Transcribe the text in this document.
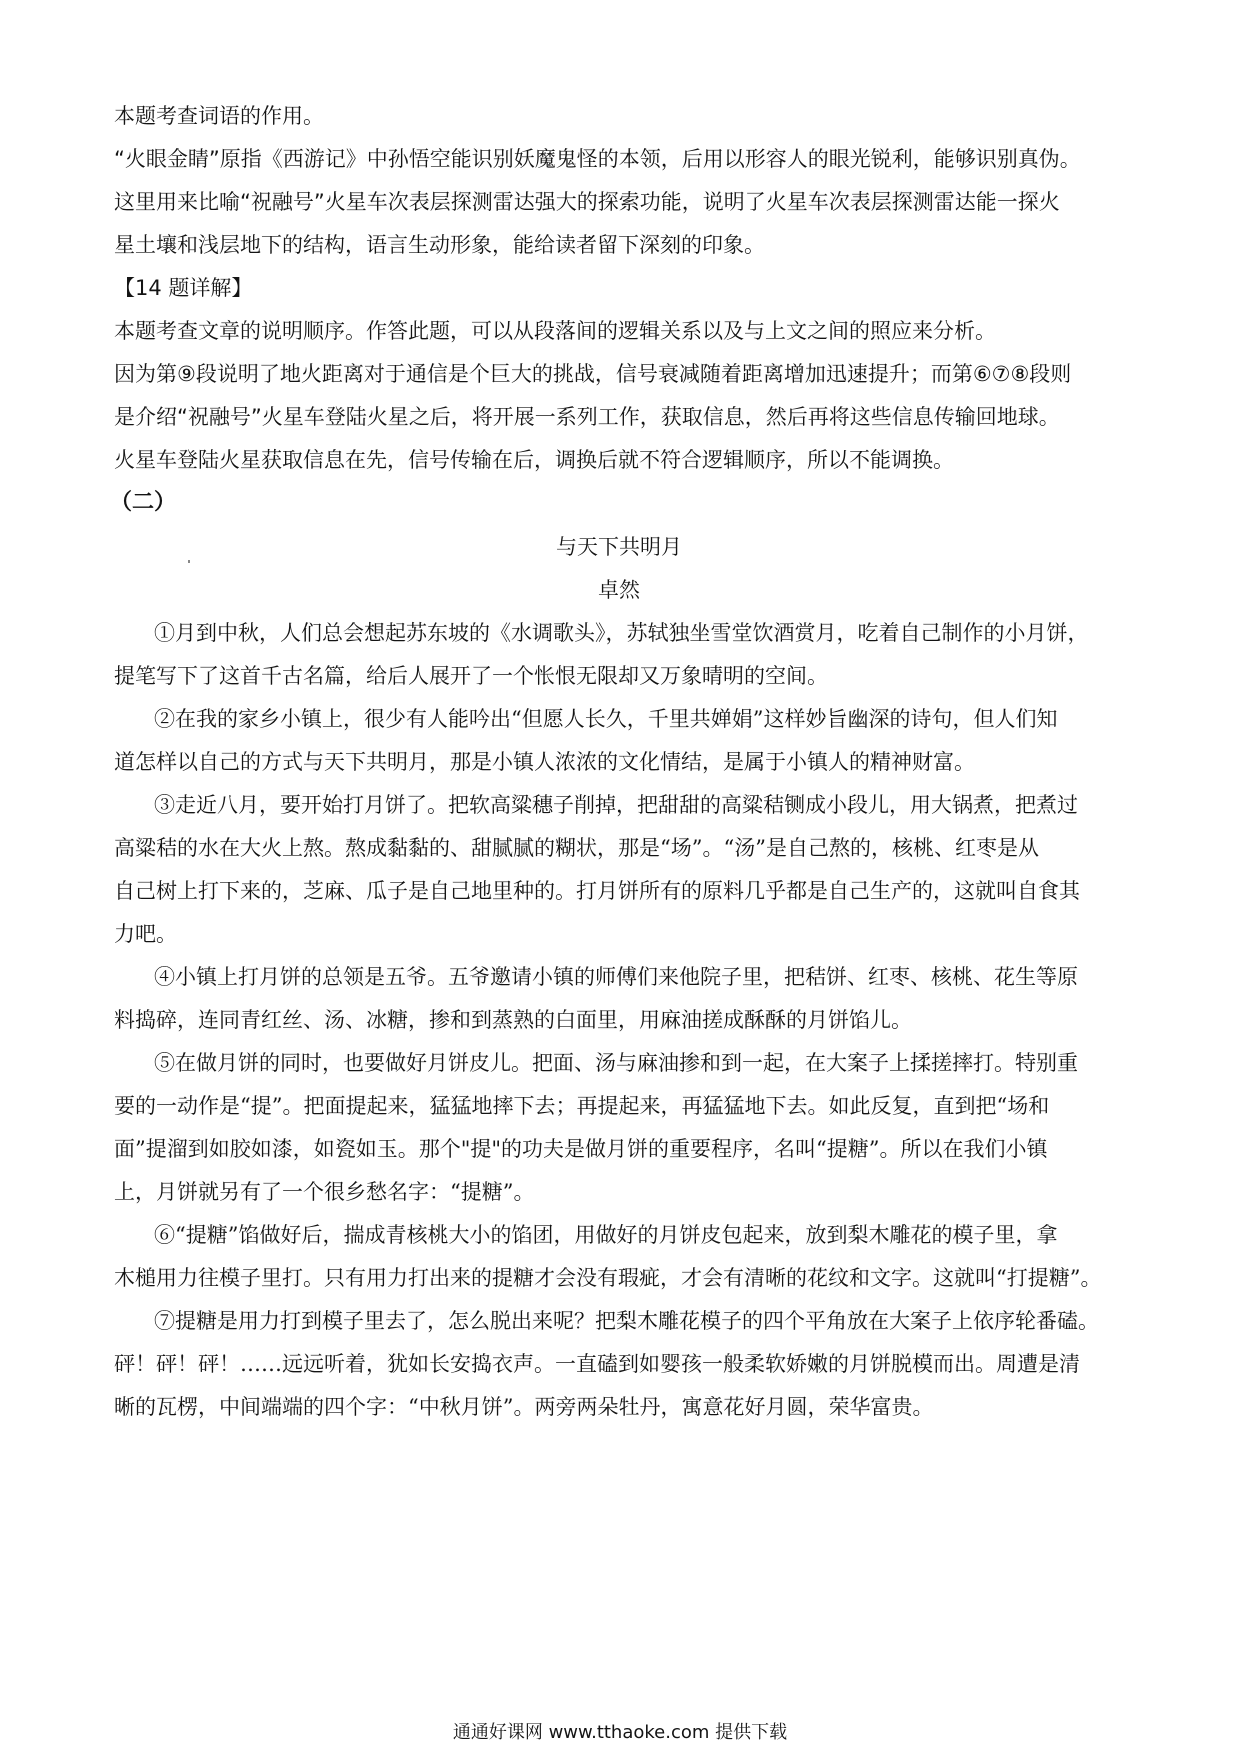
本题考查词语的作用。
“火眼金睛”原指《西游记》中孙悟空能识别妖魔鬼怪的本领，后用以形容人的眼光锐利，能够识别真伪。
这里用来比喻“祝融号”火星车次表层探测雷达强大的探索功能，说明了火星车次表层探测雷达能一探火
星土壤和浅层地下的结构，语言生动形象，能给读者留下深刻的印象。
【14 题详解】
本题考查文章的说明顺序。作答此题，可以从段落间的逻辑关系以及与上文之间的照应来分析。
因为第⑨段说明了地火距离对于通信是个巨大的挑战，信号衰减随着距离增加迅速提升；而第⑥⑦⑧段则
是介绍“祝融号”火星车登陆火星之后，将开展一系列工作，获取信息，然后再将这些信息传输回地球。
火星车登陆火星获取信息在先，信号传输在后，调换后就不符合逻辑顺序，所以不能调换。
（二）
与天下共明月
卓然
①月到中秋，人们总会想起苏东坡的《水调歌头》，苏轼独坐雪堂饮酒赏月，吃着自己制作的小月饼，
提笔写下了这首千古名篇，给后人展开了一个怅恨无限却又万象晴明的空间。
②在我的家乡小镇上，很少有人能吟出“但愿人长久，千里共婵娟”这样妙旨幽深的诗句，但人们知
道怎样以自己的方式与天下共明月，那是小镇人浓浓的文化情结，是属于小镇人的精神财富。
③走近八月，要开始打月饼了。把软高粱穗子削掉，把甜甜的高粱秸铡成小段儿，用大锅煮，把煮过
高粱秸的水在大火上熬。熬成黏黏的、甜腻腻的糊状，那是“场”。“汤”是自己熬的，核桃、红枣是从
自己树上打下来的，芝麻、瓜子是自己地里种的。打月饼所有的原料几乎都是自己生产的，这就叫自食其
力吧。
④小镇上打月饼的总领是五爷。五爷邀请小镇的师傅们来他院子里，把秸饼、红枣、核桃、花生等原
料捣碎，连同青红丝、汤、冰糖，掺和到蒸熟的白面里，用麻油搓成酥酥的月饼馅儿。
⑤在做月饼的同时，也要做好月饼皮儿。把面、汤与麻油掺和到一起，在大案子上揉搓摔打。特别重
要的一动作是“提”。把面提起来，猛猛地摔下去；再提起来，再猛猛地下去。如此反复，直到把“场和
面”提溜到如胶如漆，如瓷如玉。那个"提"的功夫是做月饼的重要程序，名叫“提糖”。所以在我们小镇
上，月饼就另有了一个很乡愁名字：“提糖”。
⑥“提糖”馅做好后，揣成青核桃大小的馅团，用做好的月饼皮包起来，放到梨木雕花的模子里，拿
木槌用力往模子里打。只有用力打出来的提糖才会没有瑕疵，才会有清晰的花纹和文字。这就叫“打提糖”。
⑦提糖是用力打到模子里去了，怎么脱出来呢？把梨木雕花模子的四个平角放在大案子上依序轮番磕。
砰！砰！砰！……远远听着，犹如长安捣衣声。一直磕到如婴孩一般柔软娇嫩的月饼脱模而出。周遭是清
晰的瓦楞，中间端端的四个字：“中秋月饼”。两旁两朵牡丹，寓意花好月圆，荣华富贵。
通通好课网 www.tthaoke.com 提供下载
